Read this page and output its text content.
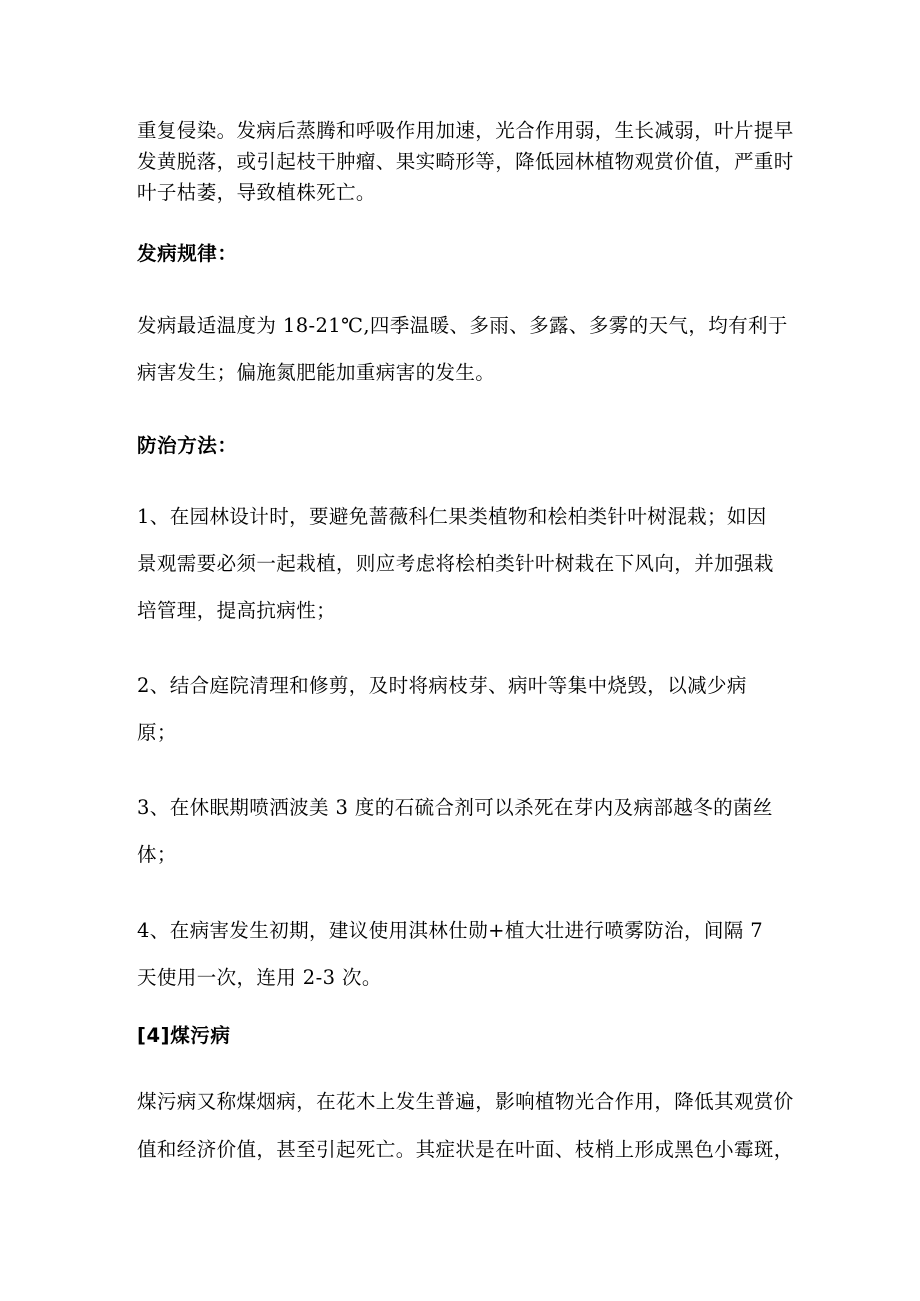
重复侵染。发病后蒸腾和呼吸作用加速，光合作用弱，生长减弱，叶片提早
发黄脱落，或引起枝干肿瘤、果实畸形等，降低园林植物观赏价值，严重时
叶子枯萎，导致植株死亡。
发病规律：
发病最适温度为 18-21℃,四季温暖、多雨、多露、多雾的天气，均有利于
病害发生；偏施氮肥能加重病害的发生。
防治方法：
1、在园林设计时，要避免蔷薇科仁果类植物和桧柏类针叶树混栽；如因
景观需要必须一起栽植，则应考虑将桧柏类针叶树栽在下风向，并加强栽
培管理，提高抗病性；
2、结合庭院清理和修剪，及时将病枝芽、病叶等集中烧毁，以减少病
原；
3、在休眠期喷洒波美 3 度的石硫合剂可以杀死在芽内及病部越冬的菌丝
体；
4、在病害发生初期，建议使用淇林仕勋+植大壮进行喷雾防治，间隔 7
天使用一次，连用 2-3 次。
[4]煤污病
煤污病又称煤烟病，在花木上发生普遍，影响植物光合作用，降低其观赏价
值和经济价值，甚至引起死亡。其症状是在叶面、枝梢上形成黑色小霉斑，
